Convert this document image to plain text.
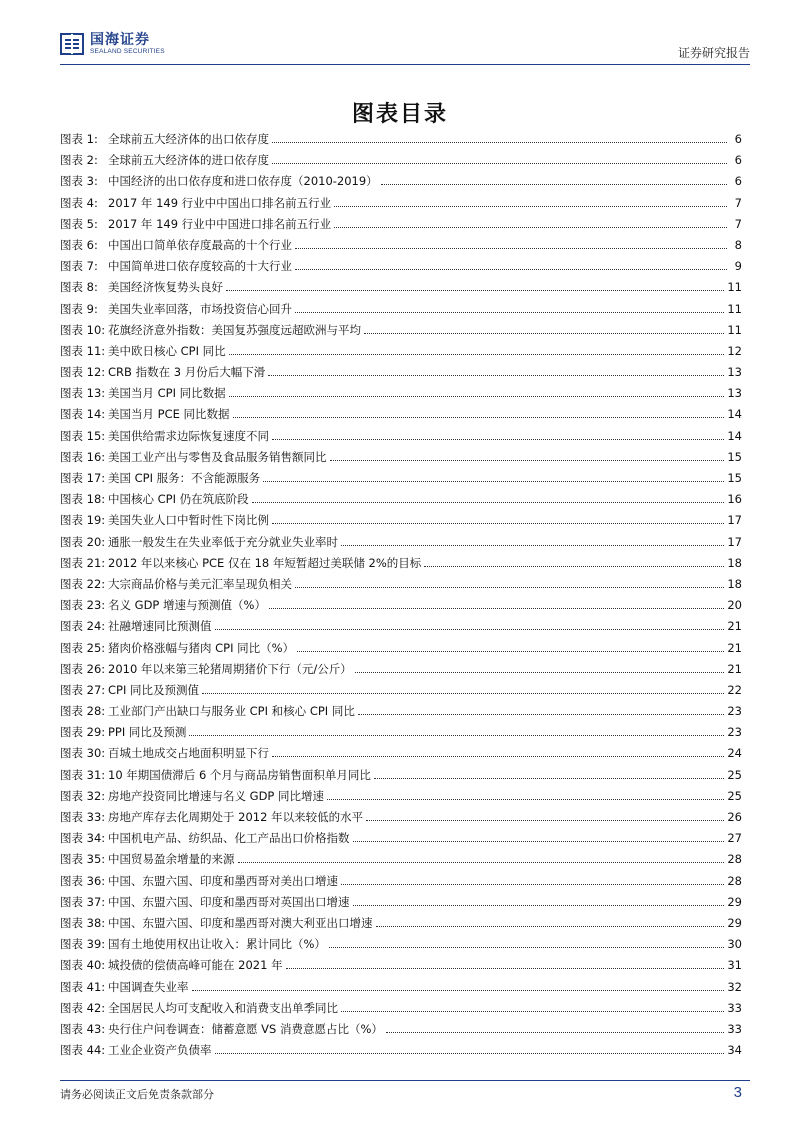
国海证券
SEALAND SECURITIES	证券研究报告
图表目录
图表 1: 全球前五大经济体的出口依存度	6
图表 2: 全球前五大经济体的进口依存度	6
图表 3: 中国经济的出口依存度和进口依存度（2010-2019）	6
图表 4: 2017 年 149 行业中中国出口排名前五行业	7
图表 5: 2017 年 149 行业中中国进口排名前五行业	7
图表 6: 中国出口简单依存度最高的十个行业	8
图表 7: 中国简单进口依存度较高的十大行业	9
图表 8: 美国经济恢复势头良好	11
图表 9: 美国失业率回落，市场投资信心回升	11
图表 10: 花旗经济意外指数：美国复苏强度远超欧洲与平均	11
图表 11: 美中欧日核心 CPI 同比	12
图表 12: CRB 指数在 3 月份后大幅下滑	13
图表 13: 美国当月 CPI 同比数据	13
图表 14: 美国当月 PCE 同比数据	14
图表 15: 美国供给需求边际恢复速度不同	14
图表 16: 美国工业产出与零售及食品服务销售额同比	15
图表 17: 美国 CPI 服务：不含能源服务	15
图表 18: 中国核心 CPI 仍在筑底阶段	16
图表 19: 美国失业人口中暂时性下岗比例	17
图表 20: 通胀一般发生在失业率低于充分就业失业率时	17
图表 21: 2012 年以来核心 PCE 仅在 18 年短暂超过美联储 2%的目标	18
图表 22: 大宗商品价格与美元汇率呈现负相关	18
图表 23: 名义 GDP 增速与预测值（%）	20
图表 24: 社融增速同比预测值	21
图表 25: 猪肉价格涨幅与猪肉 CPI 同比（%）	21
图表 26: 2010 年以来第三轮猪周期猪价下行（元/公斤）	21
图表 27: CPI 同比及预测值	22
图表 28: 工业部门产出缺口与服务业 CPI 和核心 CPI 同比	23
图表 29: PPI 同比及预测	23
图表 30: 百城土地成交占地面积明显下行	24
图表 31: 10 年期国债滞后 6 个月与商品房销售面积单月同比	25
图表 32: 房地产投资同比增速与名义 GDP 同比增速	25
图表 33: 房地产库存去化周期处于 2012 年以来较低的水平	26
图表 34: 中国机电产品、纺织品、化工产品出口价格指数	27
图表 35: 中国贸易盈余增量的来源	28
图表 36: 中国、东盟六国、印度和墨西哥对美出口增速	28
图表 37: 中国、东盟六国、印度和墨西哥对英国出口增速	29
图表 38: 中国、东盟六国、印度和墨西哥对澳大利亚出口增速	29
图表 39: 国有土地使用权出让收入：累计同比（%）	30
图表 40: 城投债的偿债高峰可能在 2021 年	31
图表 41: 中国调查失业率	32
图表 42: 全国居民人均可支配收入和消费支出单季同比	33
图表 43: 央行住户问卷调查：储蓄意愿 VS 消费意愿占比（%）	33
图表 44: 工业企业资产负债率	34
请务必阅读正文后免责条款部分	3
